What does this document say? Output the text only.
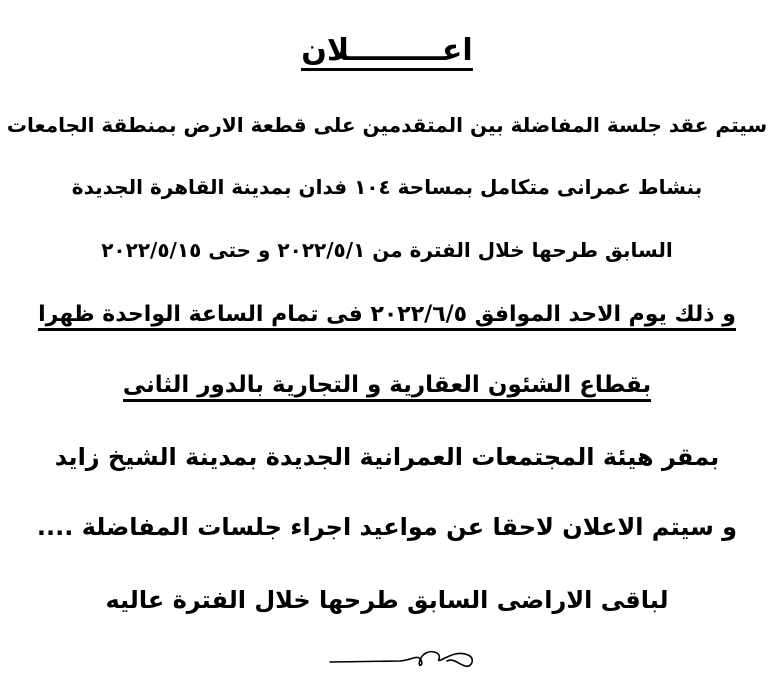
اعـــــــــلان
سيتم عقد جلسة المفاضلة بين المتقدمين على قطعة الارض بمنطقة الجامعات
بنشاط عمرانى متكامل بمساحة ١٠٤ فدان بمدينة القاهرة الجديدة
السابق طرحها خلال الفترة من ٢٠٢٢/٥/١ و حتى ٢٠٢٢/٥/١٥
و ذلك يوم الاحد الموافق ٢٠٢٢/٦/٥ فى تمام الساعة الواحدة ظهرا
بقطاع الشئون العقارية و التجارية بالدور الثانى
بمقر هيئة المجتمعات العمرانية الجديدة بمدينة الشيخ زايد
و سيتم الاعلان لاحقا عن مواعيد اجراء جلسات المفاضلة ....
لباقى الاراضى السابق طرحها خلال الفترة عاليه
